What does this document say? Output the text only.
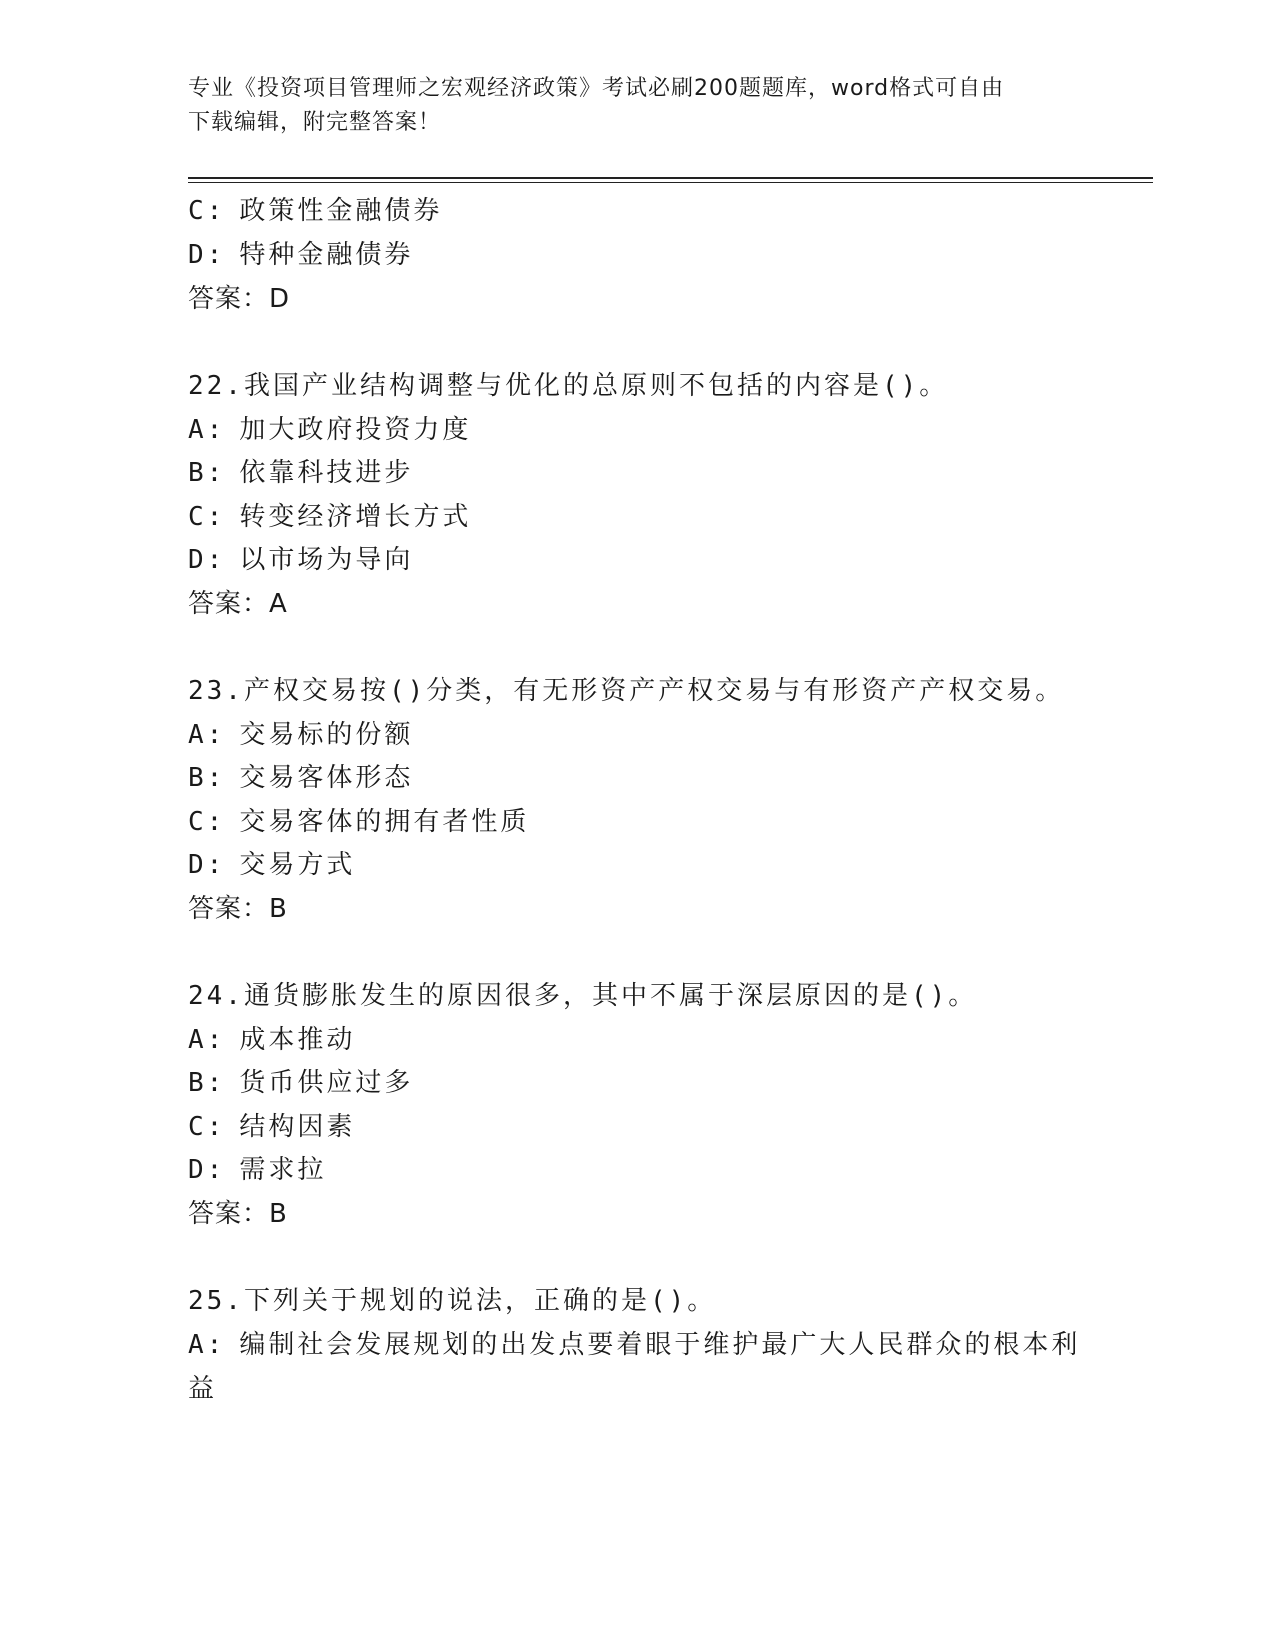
专业《投资项目管理师之宏观经济政策》考试必刷200题题库，word格式可自由
下载编辑，附完整答案！
C: 政策性金融债券
D: 特种金融债券
答案：D
22.我国产业结构调整与优化的总原则不包括的内容是()。
A: 加大政府投资力度
B: 依靠科技进步
C: 转变经济增长方式
D: 以市场为导向
答案：A
23.产权交易按()分类，有无形资产产权交易与有形资产产权交易。
A: 交易标的份额
B: 交易客体形态
C: 交易客体的拥有者性质
D: 交易方式
答案：B
24.通货膨胀发生的原因很多，其中不属于深层原因的是()。
A: 成本推动
B: 货币供应过多
C: 结构因素
D: 需求拉
答案：B
25.下列关于规划的说法，正确的是()。
A: 编制社会发展规划的出发点要着眼于维护最广大人民群众的根本利
益
